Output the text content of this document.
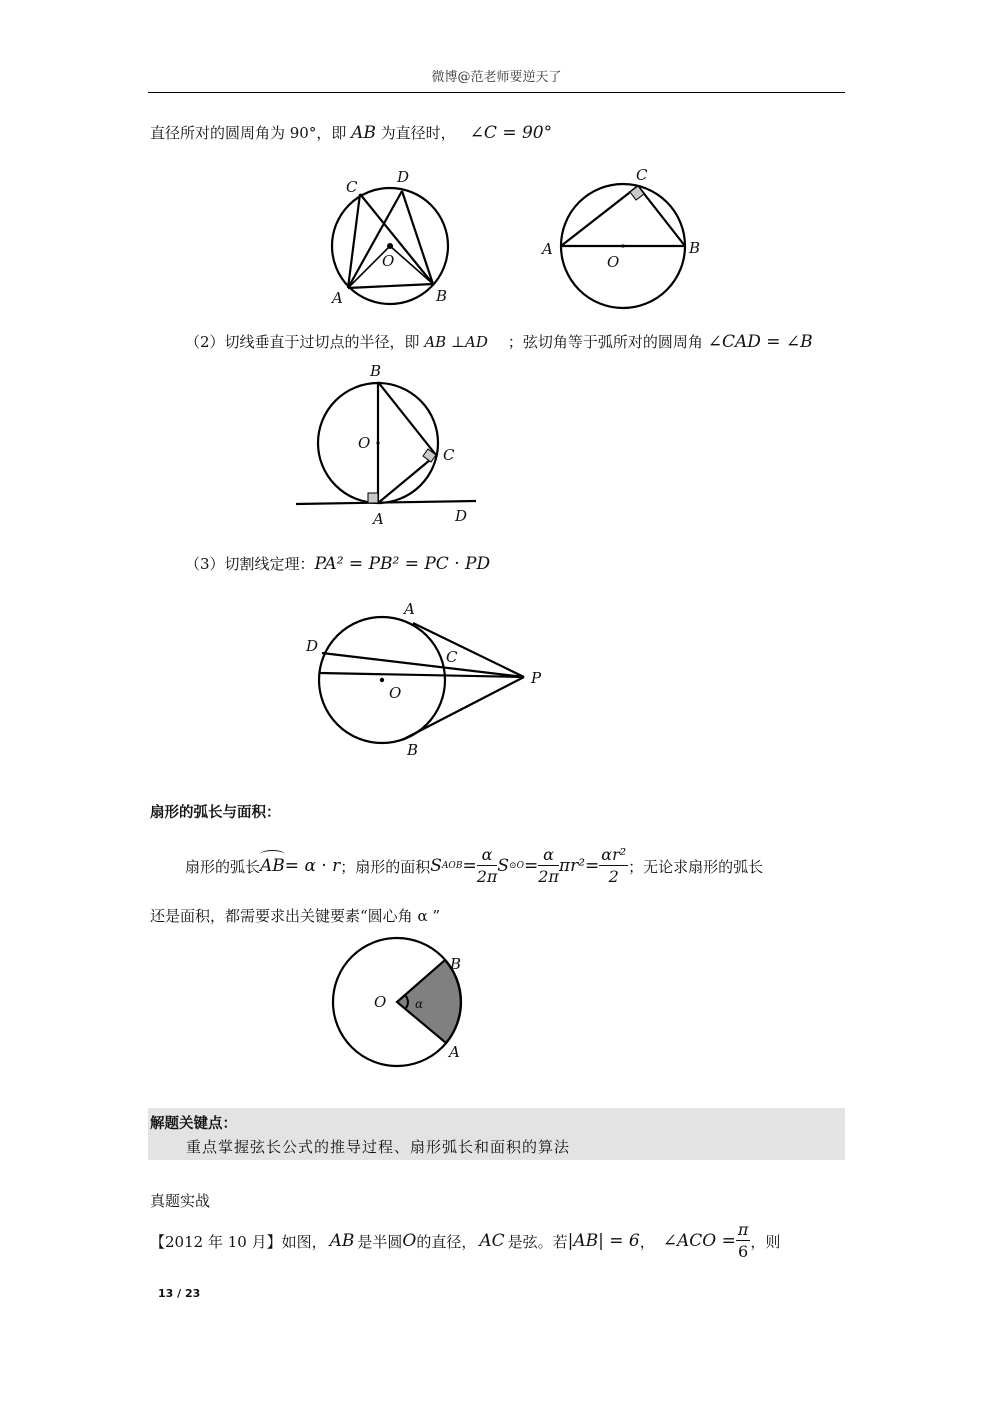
微博@范老师要逆天了
直径所对的圆周角为 90°，即 AB 为直径时， ∠C = 90°
C
D
O
A	B
C
A	B
O
（2）切线垂直于过切点的半径，即 AB ⊥AD ；弦切角等于弧所对的圆周角 ∠CAD = ∠B
B
O
C
A	D
（3）切割线定理：PA² = PB² = PC · PD
A
D
C
P
O
B
扇形的弧长与面积：
扇形的弧长 AB = α · r ；扇形的面积 S AOB = $\frac{\alpha}{2\pi}$ S ⊙O = $\frac{\alpha}{2\pi} \pi r^2 = \frac{\text{αr²}}{2}$ ；无论求扇形的弧长
还是面积，都需要求出关键要素“圆心角 α ”
B
O α
A
解题关键点：
重点掌握弦长公式的推导过程、扇形弧长和面积的算法
真题实战
【2012 年 10 月】 如图， AB 是半圆 O 的直径， AC 是弦。若 |AB| = 6 ， ∠ACO = $\frac{\pi}{6}$ ，则
13 / 23
